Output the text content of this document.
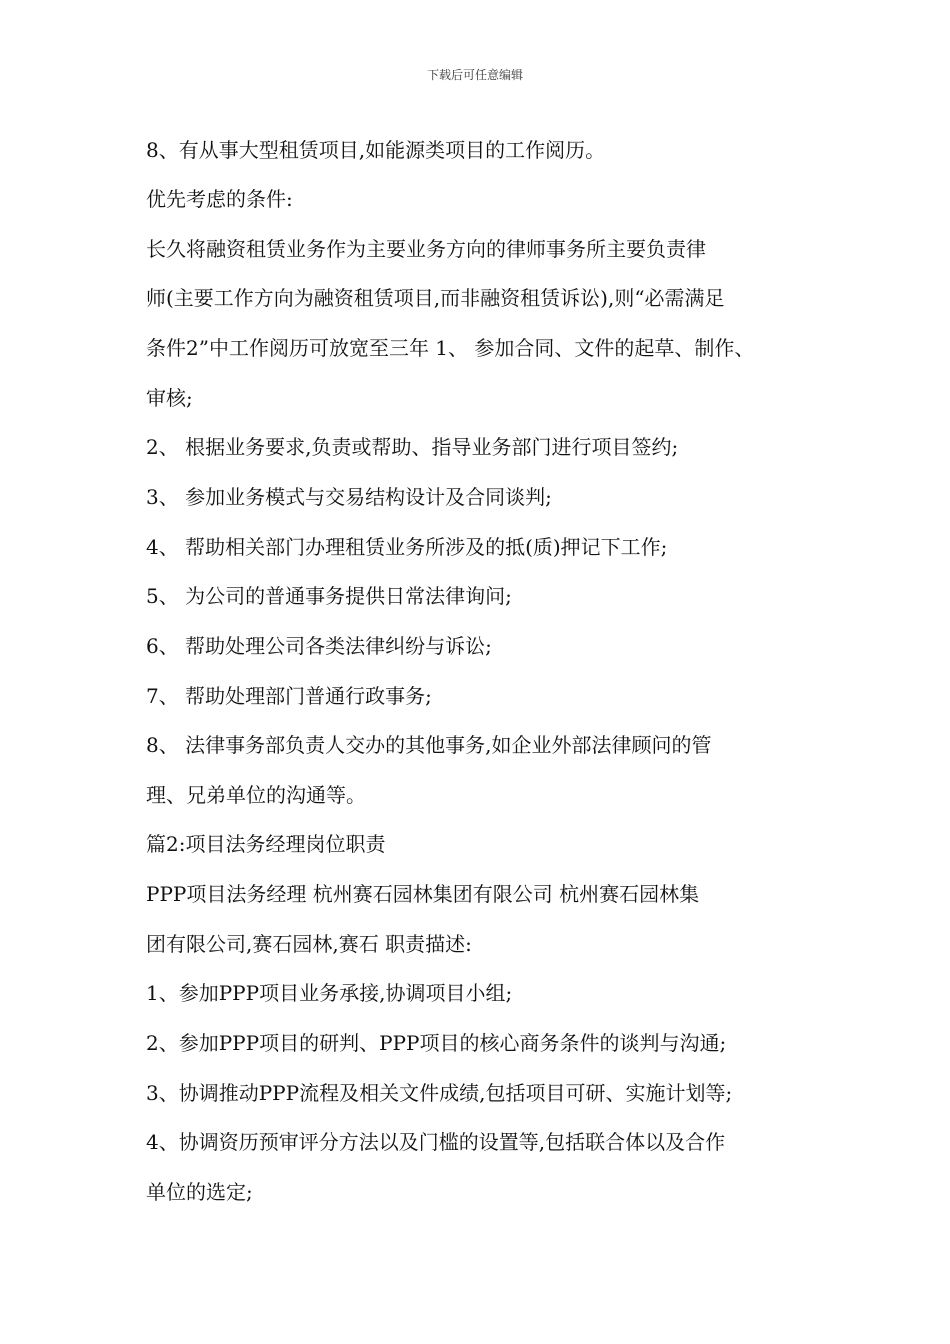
下载后可任意编辑
8、有从事大型租赁项目,如能源类项目的工作阅历。
优先考虑的条件:
长久将融资租赁业务作为主要业务方向的律师事务所主要负责律
师(主要工作方向为融资租赁项目,而非融资租赁诉讼),则“必需满足
条件2”中工作阅历可放宽至三年 1、 参加合同、文件的起草、制作、
审核;
2、 根据业务要求,负责或帮助、指导业务部门进行项目签约;
3、 参加业务模式与交易结构设计及合同谈判;
4、 帮助相关部门办理租赁业务所涉及的抵(质)押记下工作;
5、 为公司的普通事务提供日常法律询问;
6、 帮助处理公司各类法律纠纷与诉讼;
7、 帮助处理部门普通行政事务;
8、 法律事务部负责人交办的其他事务,如企业外部法律顾问的管
理、兄弟单位的沟通等。
篇2:项目法务经理岗位职责
PPP项目法务经理 杭州赛石园林集团有限公司 杭州赛石园林集
团有限公司,赛石园林,赛石 职责描述:
1、参加PPP项目业务承接,协调项目小组;
2、参加PPP项目的研判、PPP项目的核心商务条件的谈判与沟通;
3、协调推动PPP流程及相关文件成绩,包括项目可研、实施计划等;
4、协调资历预审评分方法以及门槛的设置等,包括联合体以及合作
单位的选定;
